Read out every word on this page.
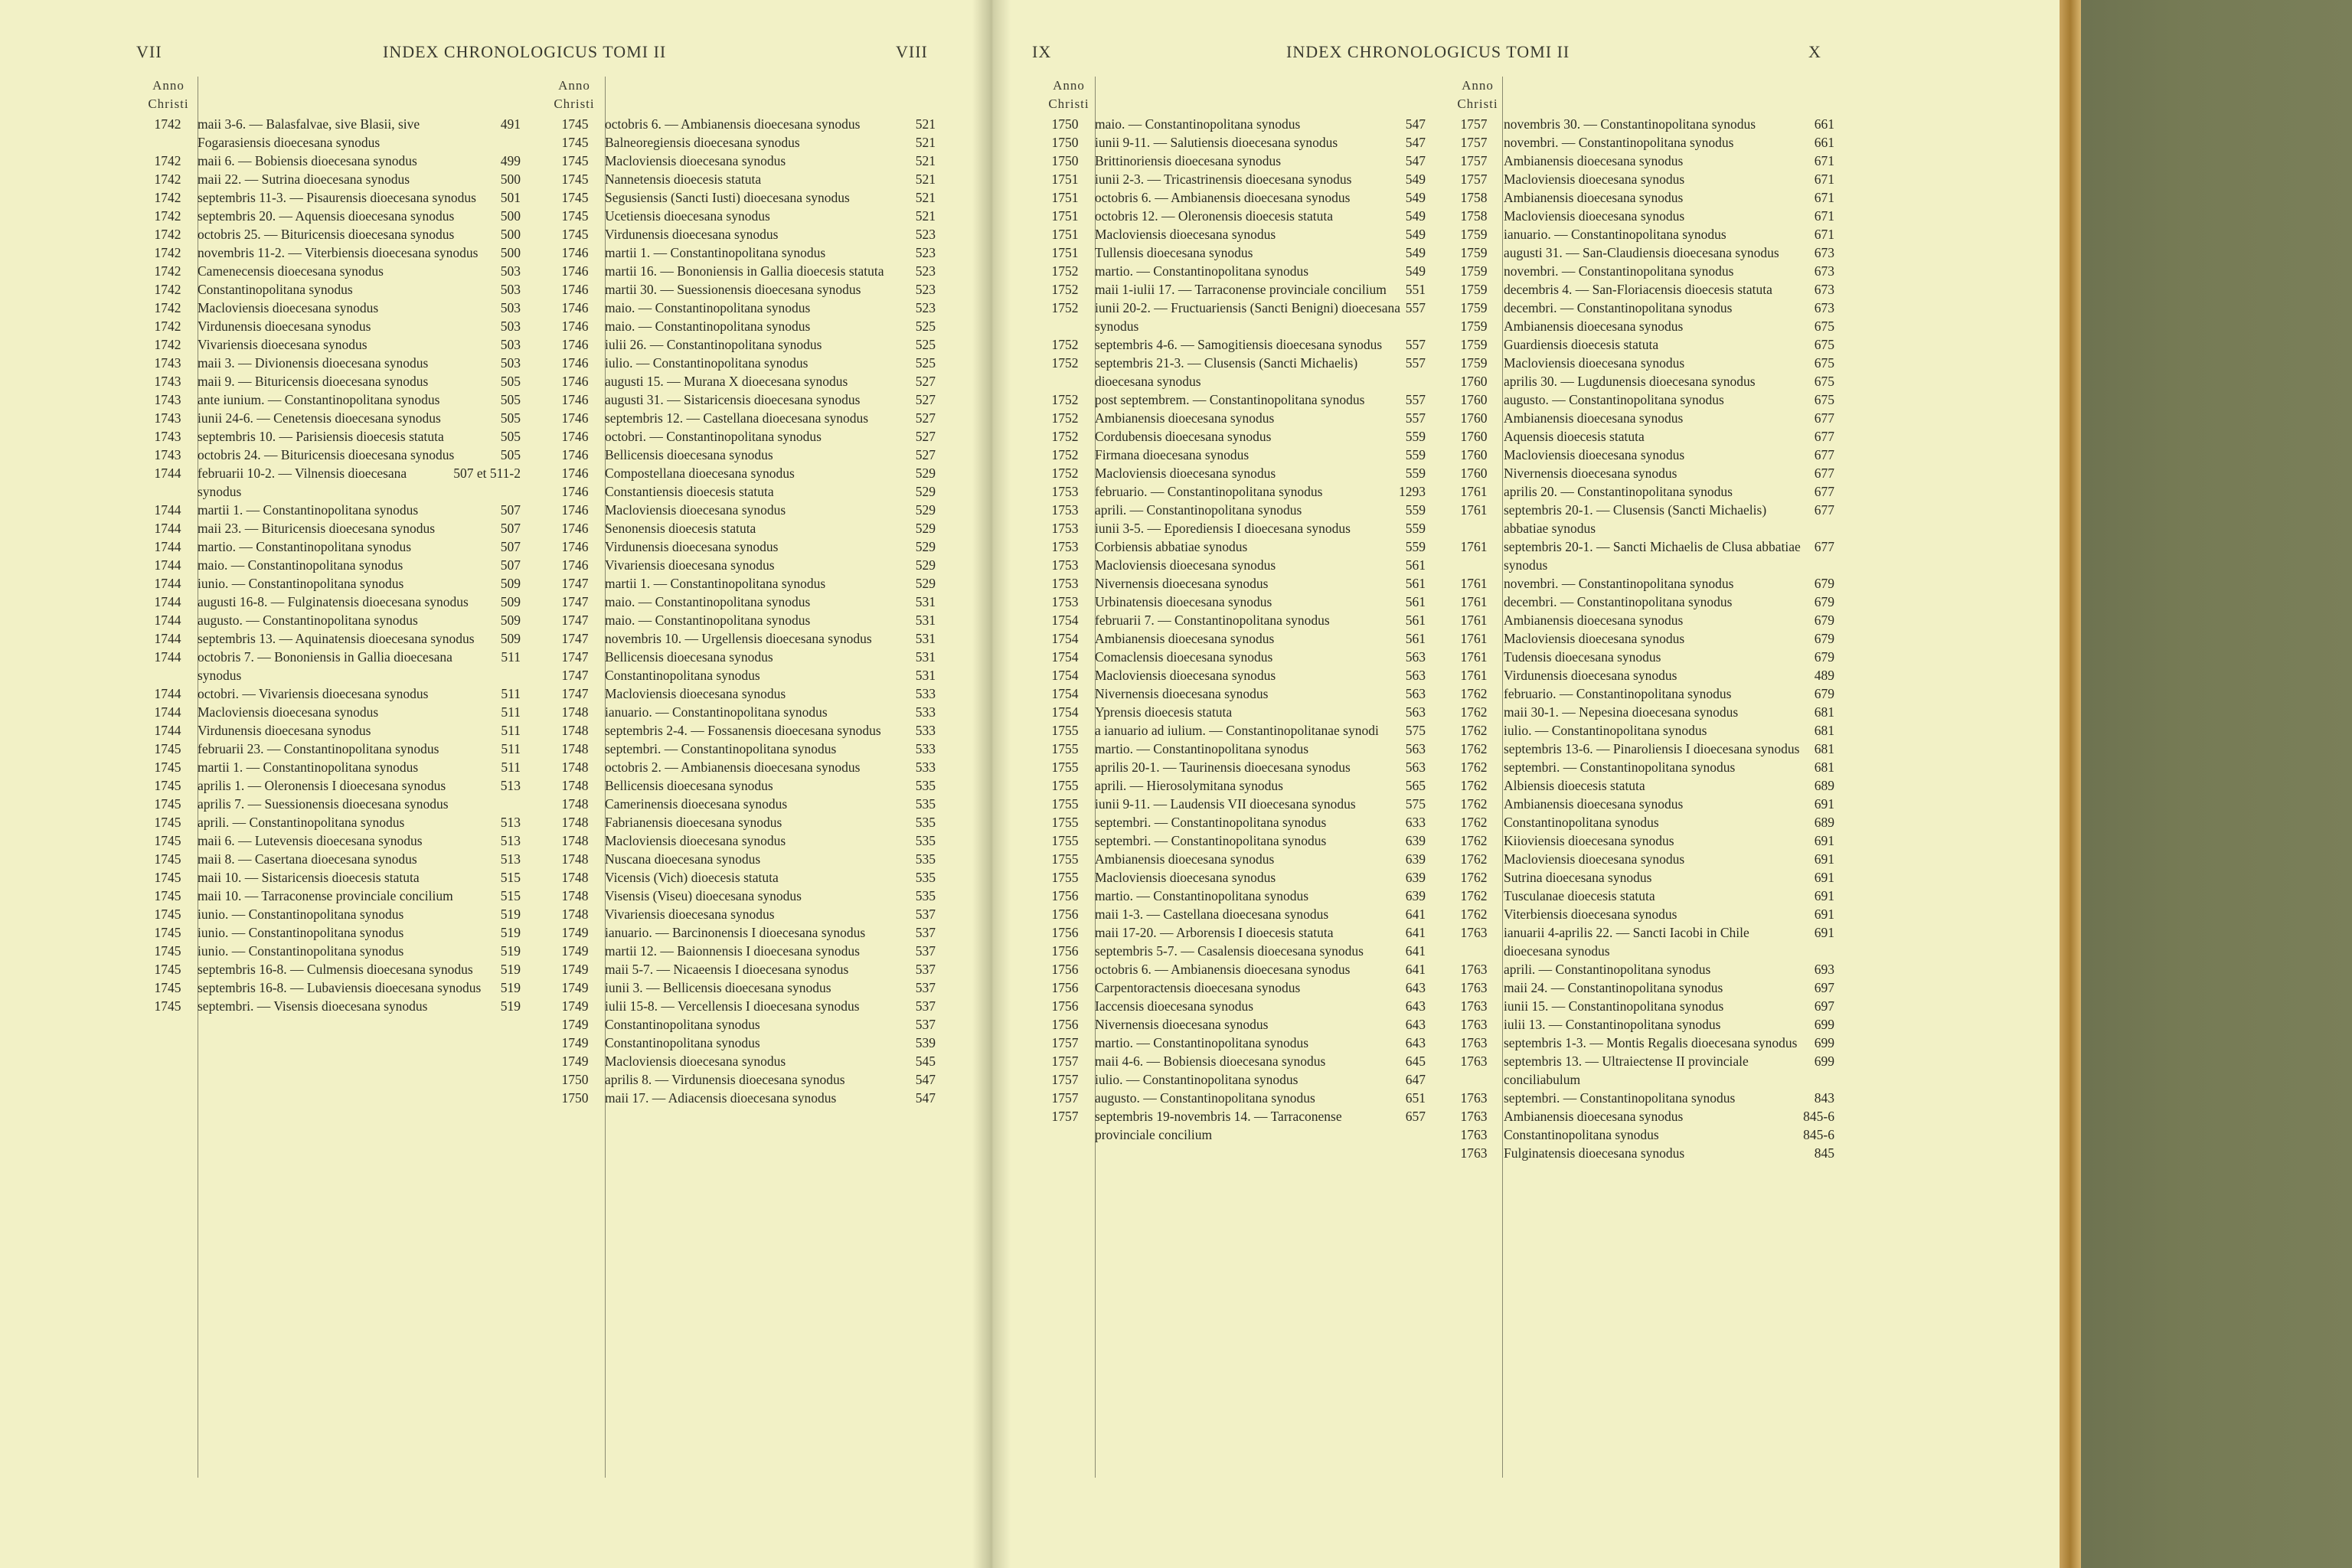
VII	INDEX CHRONOLOGICUS TOMI II	VIII
Anno
Christi
Anno
Christi
1742	maii 3-6. — Balasfalvae, sive Blasii, sive Fogarasiensis dioecesana synodus
491
1742	maii 6. — Bobiensis dioecesana synodus	499
1742	maii 22. — Sutrina dioecesana synodus	500
1742	septembris 11-3. — Pisaurensis dioecesana synodus	501
1742	septembris 20. — Aquensis dioecesana synodus	500
1742	octobris 25. — Bituricensis dioecesana synodus	500
1742	novembris 11-2. — Viterbiensis dioecesana synodus	500
1742	Camenecensis dioecesana synodus	503
1742	Constantinopolitana synodus	503
1742	Macloviensis dioecesana synodus	503
1742	Virdunensis dioecesana synodus	503
1742	Vivariensis dioecesana synodus	503
1743	maii 3. — Divionensis dioecesana synodus	503
1743	maii 9. — Bituricensis dioecesana synodus	505
1743	ante iunium. — Constantinopolitana synodus	505
1743	iunii 24-6. — Cenetensis dioecesana synodus	505
1743	septembris 10. — Parisiensis dioecesis statuta	505
1743	octobris 24. — Bituricensis dioecesana synodus	505
1744	februarii 10-2. — Vilnensis dioecesana synodus
507 et 511-2
1744	martii 1. — Constantinopolitana synodus	507
1744	maii 23. — Bituricensis dioecesana synodus	507
1744	martio. — Constantinopolitana synodus	507
1744	maio. — Constantinopolitana synodus	507
1744	iunio. — Constantinopolitana synodus	509
1744	augusti 16-8. — Fulginatensis dioecesana synodus	509
1744	augusto. — Constantinopolitana synodus	509
1744	septembris 13. — Aquinatensis dioecesana synodus	509
1744	octobris 7. — Bononiensis in Gallia dioecesana synodus
511
1744	octobri. — Vivariensis dioecesana synodus	511
1744	Macloviensis dioecesana synodus	511
1744	Virdunensis dioecesana synodus	511
1745	februarii 23. — Constantinopolitana synodus	511
1745	martii 1. — Constantinopolitana synodus	511
1745	aprilis 1. — Oleronensis I dioecesana synodus	513
1745	aprilis 7. — Suessionensis dioecesana synodus
1745	aprili. — Constantinopolitana synodus	513
1745	maii 6. — Lutevensis dioecesana synodus	513
1745	maii 8. — Casertana dioecesana synodus	513
1745	maii 10. — Sistaricensis dioecesis statuta	515
1745	maii 10. — Tarraconense provinciale concilium	515
1745	iunio. — Constantinopolitana synodus	519
1745	iunio. — Constantinopolitana synodus	519
1745	iunio. — Constantinopolitana synodus	519
1745	septembris 16-8. — Culmensis dioecesana synodus	519
1745	septembris 16-8. — Lubaviensis dioecesana synodus	519
1745	septembri. — Visensis dioecesana synodus	519
1745	octobris 6. — Ambianensis dioecesana synodus	521
1745	Balneoregiensis dioecesana synodus	521
1745	Macloviensis dioecesana synodus	521
1745	Nannetensis dioecesis statuta	521
1745	Segusiensis (Sancti Iusti) dioecesana synodus	521
1745	Ucetiensis dioecesana synodus	521
1745	Virdunensis dioecesana synodus	523
1746	martii 1. — Constantinopolitana synodus	523
1746	martii 16. — Bononiensis in Gallia dioecesis statuta	523
1746	martii 30. — Suessionensis dioecesana synodus	523
1746	maio. — Constantinopolitana synodus	523
1746	maio. — Constantinopolitana synodus	525
1746	iulii 26. — Constantinopolitana synodus	525
1746	iulio. — Constantinopolitana synodus	525
1746	augusti 15. — Murana X dioecesana synodus	527
1746	augusti 31. — Sistaricensis dioecesana synodus	527
1746	septembris 12. — Castellana dioecesana synodus	527
1746	octobri. — Constantinopolitana synodus	527
1746	Bellicensis dioecesana synodus	527
1746	Compostellana dioecesana synodus	529
1746	Constantiensis dioecesis statuta	529
1746	Macloviensis dioecesana synodus	529
1746	Senonensis dioecesis statuta	529
1746	Virdunensis dioecesana synodus	529
1746	Vivariensis dioecesana synodus	529
1747	martii 1. — Constantinopolitana synodus	529
1747	maio. — Constantinopolitana synodus	531
1747	maio. — Constantinopolitana synodus	531
1747	novembris 10. — Urgellensis dioecesana synodus	531
1747	Bellicensis dioecesana synodus	531
1747	Constantinopolitana synodus	531
1747	Macloviensis dioecesana synodus	533
1748	ianuario. — Constantinopolitana synodus	533
1748	septembris 2-4. — Fossanensis dioecesana synodus	533
1748	septembri. — Constantinopolitana synodus	533
1748	octobris 2. — Ambianensis dioecesana synodus	533
1748	Bellicensis dioecesana synodus	535
1748	Camerinensis dioecesana synodus	535
1748	Fabrianensis dioecesana synodus	535
1748	Macloviensis dioecesana synodus	535
1748	Nuscana dioecesana synodus	535
1748	Vicensis (Vich) dioecesis statuta	535
1748	Visensis (Viseu) dioecesana synodus	535
1748	Vivariensis dioecesana synodus	537
1749	ianuario. — Barcinonensis I dioecesana synodus	537
1749	martii 12. — Baionnensis I dioecesana synodus	537
1749	maii 5-7. — Nicaeensis I dioecesana synodus	537
1749	iunii 3. — Bellicensis dioecesana synodus	537
1749	iulii 15-8. — Vercellensis I dioecesana synodus	537
1749	Constantinopolitana synodus	537
1749	Constantinopolitana synodus	539
1749	Macloviensis dioecesana synodus	545
1750	aprilis 8. — Virdunensis dioecesana synodus	547
1750	maii 17. — Adiacensis dioecesana synodus	547
IX	INDEX CHRONOLOGICUS TOMI II	X
Anno
Christi
Anno
Christi
1750	maio. — Constantinopolitana synodus	547
1750	iunii 9-11. — Salutiensis dioecesana synodus	547
1750	Brittinoriensis dioecesana synodus	547
1751	iunii 2-3. — Tricastrinensis dioecesana synodus	549
1751	octobris 6. — Ambianensis dioecesana synodus	549
1751	octobris 12. — Oleronensis dioecesis statuta	549
1751	Macloviensis dioecesana synodus	549
1751	Tullensis dioecesana synodus	549
1752	martio. — Constantinopolitana synodus	549
1752	maii 1-iulii 17. — Tarraconense provinciale concilium	551
1752	iunii 20-2. — Fructuariensis (Sancti Benigni) dioecesana synodus
557
1752	septembris 4-6. — Samogitiensis dioecesana synodus	557
1752	septembris 21-3. — Clusensis (Sancti Michaelis) dioecesana synodus
557
1752	post septembrem. — Constantinopolitana synodus	557
1752	Ambianensis dioecesana synodus	557
1752	Cordubensis dioecesana synodus	559
1752	Firmana dioecesana synodus	559
1752	Macloviensis dioecesana synodus	559
1753	februario. — Constantinopolitana synodus	1293
1753	aprili. — Constantinopolitana synodus	559
1753	iunii 3-5. — Eporediensis I dioecesana synodus	559
1753	Corbiensis abbatiae synodus	559
1753	Macloviensis dioecesana synodus	561
1753	Nivernensis dioecesana synodus	561
1753	Urbinatensis dioecesana synodus	561
1754	februarii 7. — Constantinopolitana synodus	561
1754	Ambianensis dioecesana synodus	561
1754	Comaclensis dioecesana synodus	563
1754	Macloviensis dioecesana synodus	563
1754	Nivernensis dioecesana synodus	563
1754	Yprensis dioecesis statuta	563
1755	a ianuario ad iulium. — Constantinopolitanae synodi	575
1755	martio. — Constantinopolitana synodus	563
1755	aprilis 20-1. — Taurinensis dioecesana synodus	563
1755	aprili. — Hierosolymitana synodus	565
1755	iunii 9-11. — Laudensis VII dioecesana synodus	575
1755	septembri. — Constantinopolitana synodus	633
1755	septembri. — Constantinopolitana synodus	639
1755	Ambianensis dioecesana synodus	639
1755	Macloviensis dioecesana synodus	639
1756	martio. — Constantinopolitana synodus	639
1756	maii 1-3. — Castellana dioecesana synodus	641
1756	maii 17-20. — Arborensis I dioecesis statuta	641
1756	septembris 5-7. — Casalensis dioecesana synodus	641
1756	octobris 6. — Ambianensis dioecesana synodus	641
1756	Carpentoractensis dioecesana synodus	643
1756	Iaccensis dioecesana synodus	643
1756	Nivernensis dioecesana synodus	643
1757	martio. — Constantinopolitana synodus	643
1757	maii 4-6. — Bobiensis dioecesana synodus	645
1757	iulio. — Constantinopolitana synodus	647
1757	augusto. — Constantinopolitana synodus	651
1757	septembris 19-novembris 14. — Tarraconense provinciale concilium
657
1757	novembris 30. — Constantinopolitana synodus	661
1757	novembri. — Constantinopolitana synodus	661
1757	Ambianensis dioecesana synodus	671
1757	Macloviensis dioecesana synodus	671
1758	Ambianensis dioecesana synodus	671
1758	Macloviensis dioecesana synodus	671
1759	ianuario. — Constantinopolitana synodus	671
1759	augusti 31. — San-Claudiensis dioecesana synodus	673
1759	novembri. — Constantinopolitana synodus	673
1759	decembris 4. — San-Floriacensis dioecesis statuta	673
1759	decembri. — Constantinopolitana synodus	673
1759	Ambianensis dioecesana synodus	675
1759	Guardiensis dioecesis statuta	675
1759	Macloviensis dioecesana synodus	675
1760	aprilis 30. — Lugdunensis dioecesana synodus	675
1760	augusto. — Constantinopolitana synodus	675
1760	Ambianensis dioecesana synodus	677
1760	Aquensis dioecesis statuta	677
1760	Macloviensis dioecesana synodus	677
1760	Nivernensis dioecesana synodus	677
1761	aprilis 20. — Constantinopolitana synodus	677
1761	septembris 20-1. — Clusensis (Sancti Michaelis) abbatiae synodus
677
1761	septembris 20-1. — Sancti Michaelis de Clusa abbatiae synodus
677
1761	novembri. — Constantinopolitana synodus	679
1761	decembri. — Constantinopolitana synodus	679
1761	Ambianensis dioecesana synodus	679
1761	Macloviensis dioecesana synodus	679
1761	Tudensis dioecesana synodus	679
1761	Virdunensis dioecesana synodus	489
1762	februario. — Constantinopolitana synodus	679
1762	maii 30-1. — Nepesina dioecesana synodus	681
1762	iulio. — Constantinopolitana synodus	681
1762	septembris 13-6. — Pinaroliensis I dioecesana synodus	681
1762	septembri. — Constantinopolitana synodus	681
1762	Albiensis dioecesis statuta	689
1762	Ambianensis dioecesana synodus	691
1762	Constantinopolitana synodus	689
1762	Kiioviensis dioecesana synodus	691
1762	Macloviensis dioecesana synodus	691
1762	Sutrina dioecesana synodus	691
1762	Tusculanae dioecesis statuta	691
1762	Viterbiensis dioecesana synodus	691
1763	ianuarii 4-aprilis 22. — Sancti Iacobi in Chile dioecesana synodus
691
1763	aprili. — Constantinopolitana synodus	693
1763	maii 24. — Constantinopolitana synodus	697
1763	iunii 15. — Constantinopolitana synodus	697
1763	iulii 13. — Constantinopolitana synodus	699
1763	septembris 1-3. — Montis Regalis dioecesana synodus	699
1763	septembris 13. — Ultraiectense II provinciale conciliabulum
699
1763	septembri. — Constantinopolitana synodus	843
1763	Ambianensis dioecesana synodus	845-6
1763	Constantinopolitana synodus	845-6
1763	Fulginatensis dioecesana synodus	845
